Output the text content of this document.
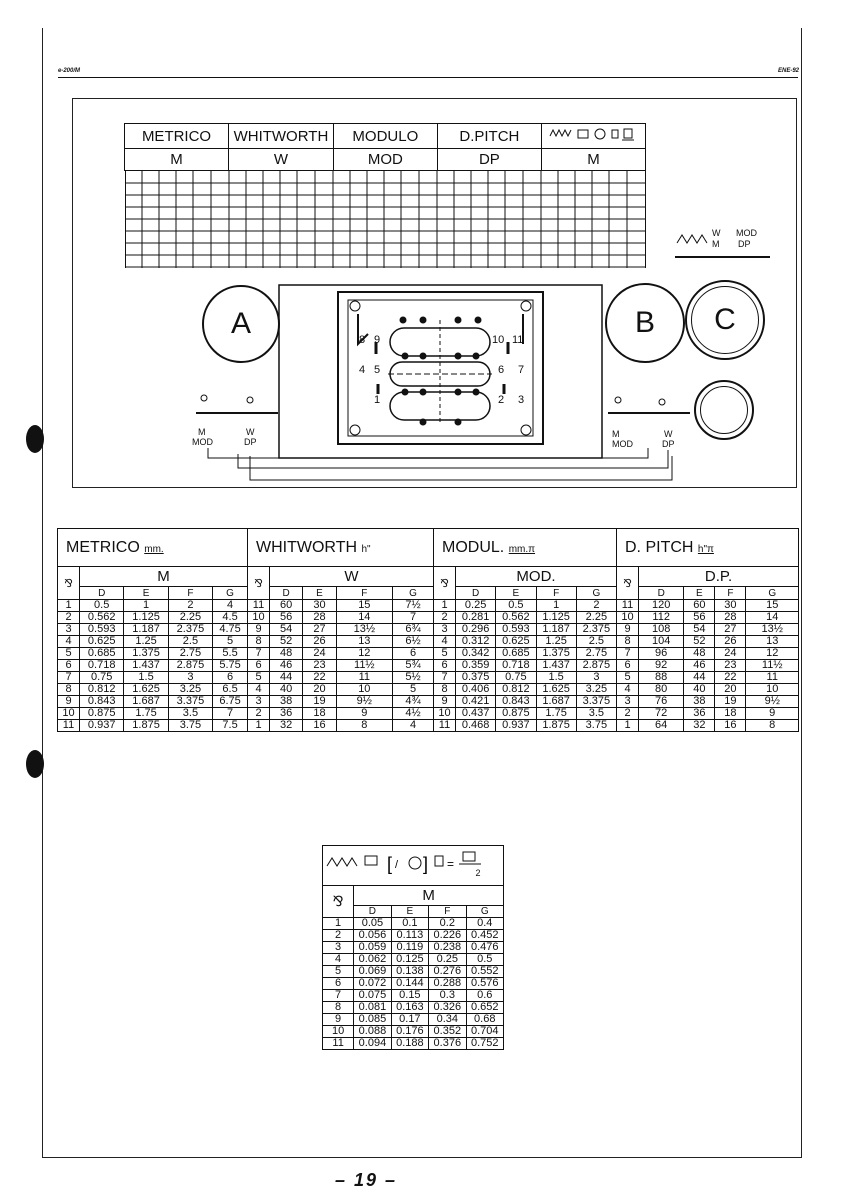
e-200/M	ENE-92
METRICO	WHITWORTH	MODULO	D.PITCH	
M	W	MOD	DP	M

W
M
MOD
DP
A	B C
8 9
4 5
1
10 11
6 7
2 3
M
MOD
W
DP
M
MOD
W
DP
METRICO mm.					WHITWORTH h"					MODUL. mm.π					D. PITCH h"π				
⅋	M				⅋	W				⅋	MOD.				⅋	D.P.			
	D	E	F	G		D	E	F	G		D	E	F	G		D	E	F	G
1	0.5	1	2	4	11	60	30	15	7½	1	0.25	0.5	1	2	11	120	60	30	15
2	0.562	1.125	2.25	4.5	10	56	28	14	7	2	0.281	0.562	1.125	2.25	10	112	56	28	14
3	0.593	1.187	2.375	4.75	9	54	27	13½	6¾	3	0.296	0.593	1.187	2.375	9	108	54	27	13½
4	0.625	1.25	2.5	5	8	52	26	13	6½	4	0.312	0.625	1.25	2.5	8	104	52	26	13
5	0.685	1.375	2.75	5.5	7	48	24	12	6	5	0.342	0.685	1.375	2.75	7	96	48	24	12
6	0.718	1.437	2.875	5.75	6	46	23	11½	5¾	6	0.359	0.718	1.437	2.875	6	92	46	23	11½
7	0.75	1.5	3	6	5	44	22	11	5½	7	0.375	0.75	1.5	3	5	88	44	22	11
8	0.812	1.625	3.25	6.5	4	40	20	10	5	8	0.406	0.812	1.625	3.25	4	80	40	20	10
9	0.843	1.687	3.375	6.75	3	38	19	9½	4¾	9	0.421	0.843	1.687	3.375	3	76	38	19	9½
10	0.875	1.75	3.5	7	2	36	18	9	4½	10	0.437	0.875	1.75	3.5	2	72	36	18	9
11	0.937	1.875	3.75	7.5	1	32	16	8	4	11	0.468	0.937	1.875	3.75	1	64	32	16	8
[ / ] =
2				

⅋	M			
	D	E	F	G
1	0.05	0.1	0.2	0.4
2	0.056	0.113	0.226	0.452
3	0.059	0.119	0.238	0.476
4	0.062	0.125	0.25	0.5
5	0.069	0.138	0.276	0.552
6	0.072	0.144	0.288	0.576
7	0.075	0.15	0.3	0.6
8	0.081	0.163	0.326	0.652
9	0.085	0.17	0.34	0.68
10	0.088	0.176	0.352	0.704
11	0.094	0.188	0.376	0.752
– 19 –
